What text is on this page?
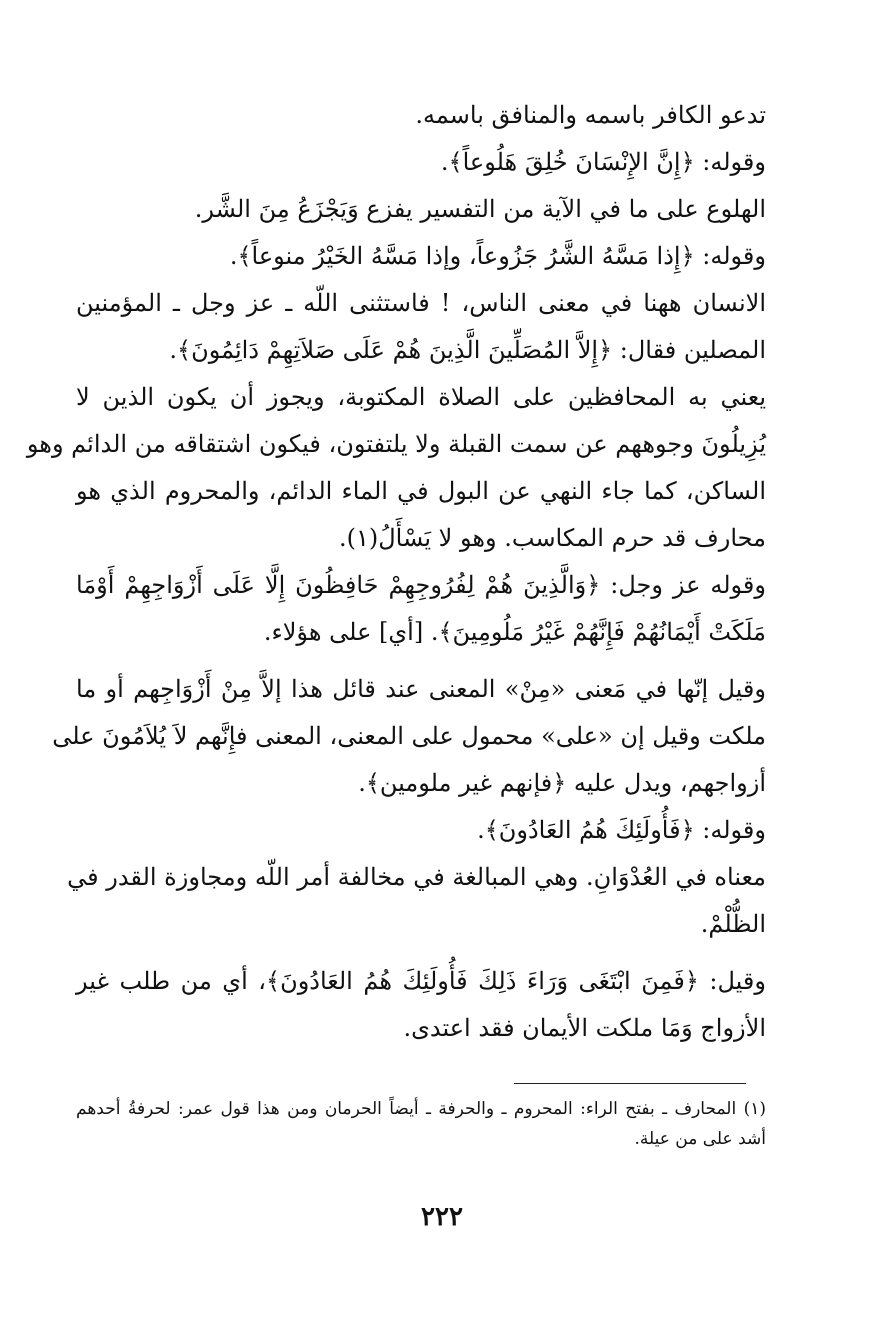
تدعو الكافر باسمه والمنافق باسمه.
وقوله: ﴿إِنَّ الإِنْسَانَ خُلِقَ هَلُوعاً﴾.
الهلوع على ما في الآية من التفسير يفزع وَيَجْزَعُ مِنَ الشَّر.
وقوله: ﴿إِذا مَسَّهُ الشَّرُ جَزُوعاً، وإذا مَسَّهُ الخَيْرُ منوعاً﴾.
الانسان ههنا في معنى الناس، ! فاستثنى اللّه ـ عز وجل ـ المؤمنين
المصلين فقال: ﴿إِلاَّ المُصَلِّينَ الَّذِينَ هُمْ عَلَى صَلاَتِهِمْ دَائِمُونَ﴾.
يعني به المحافظين على الصلاة المكتوبة، ويجوز أن يكون الذين لا
يُزِيلُونَ وجوههم عن سمت القبلة ولا يلتفتون، فيكون اشتقاقه من الدائم وهو
الساكن، كما جاء النهي عن البول في الماء الدائم، والمحروم الذي هو
محارف قد حرم المكاسب. وهو لا يَسْأَلُ(١).
وقوله عز وجل: ﴿وَالَّذِينَ هُمْ لِفُرُوجِهِمْ حَافِظُونَ إِلَّا عَلَى أَزْوَاجِهِمْ أَوْمَا
مَلَكَتْ أَيْمَانُهُمْ فَإِنَّهُمْ غَيْرُ مَلُومِينَ﴾. [أي] على هؤلاء.
وقيل إنّها في مَعنى «مِنْ» المعنى عند قائل هذا إلاَّ مِنْ أَزْوَاجِهم أو ما
ملكت وقيل إن «على» محمول على المعنى، المعنى فإِنَّهم لاَ يُلاَمُونَ على
أزواجهم، ويدل عليه ﴿فإنهم غير ملومين﴾.
وقوله: ﴿فَأُولَئِكَ هُمُ العَادُونَ﴾.
معناه في العُدْوَانِ. وهي المبالغة في مخالفة أمر اللّه ومجاوزة القدر في
الظُّلْمْ.
وقيل: ﴿فَمِنَ ابْتَغَى وَرَاءَ ذَلِكَ فَأُولَئِكَ هُمُ العَادُونَ﴾، أي من طلب غير
الأزواج وَمَا ملكت الأيمان فقد اعتدى.
(١) المحارف ـ بفتح الراء: المحروم ـ والحرفة ـ أيضاً الحرمان ومن هذا قول عمر: لحرفةُ أحدهم
أشد على من عيلة.
٢٢٢
